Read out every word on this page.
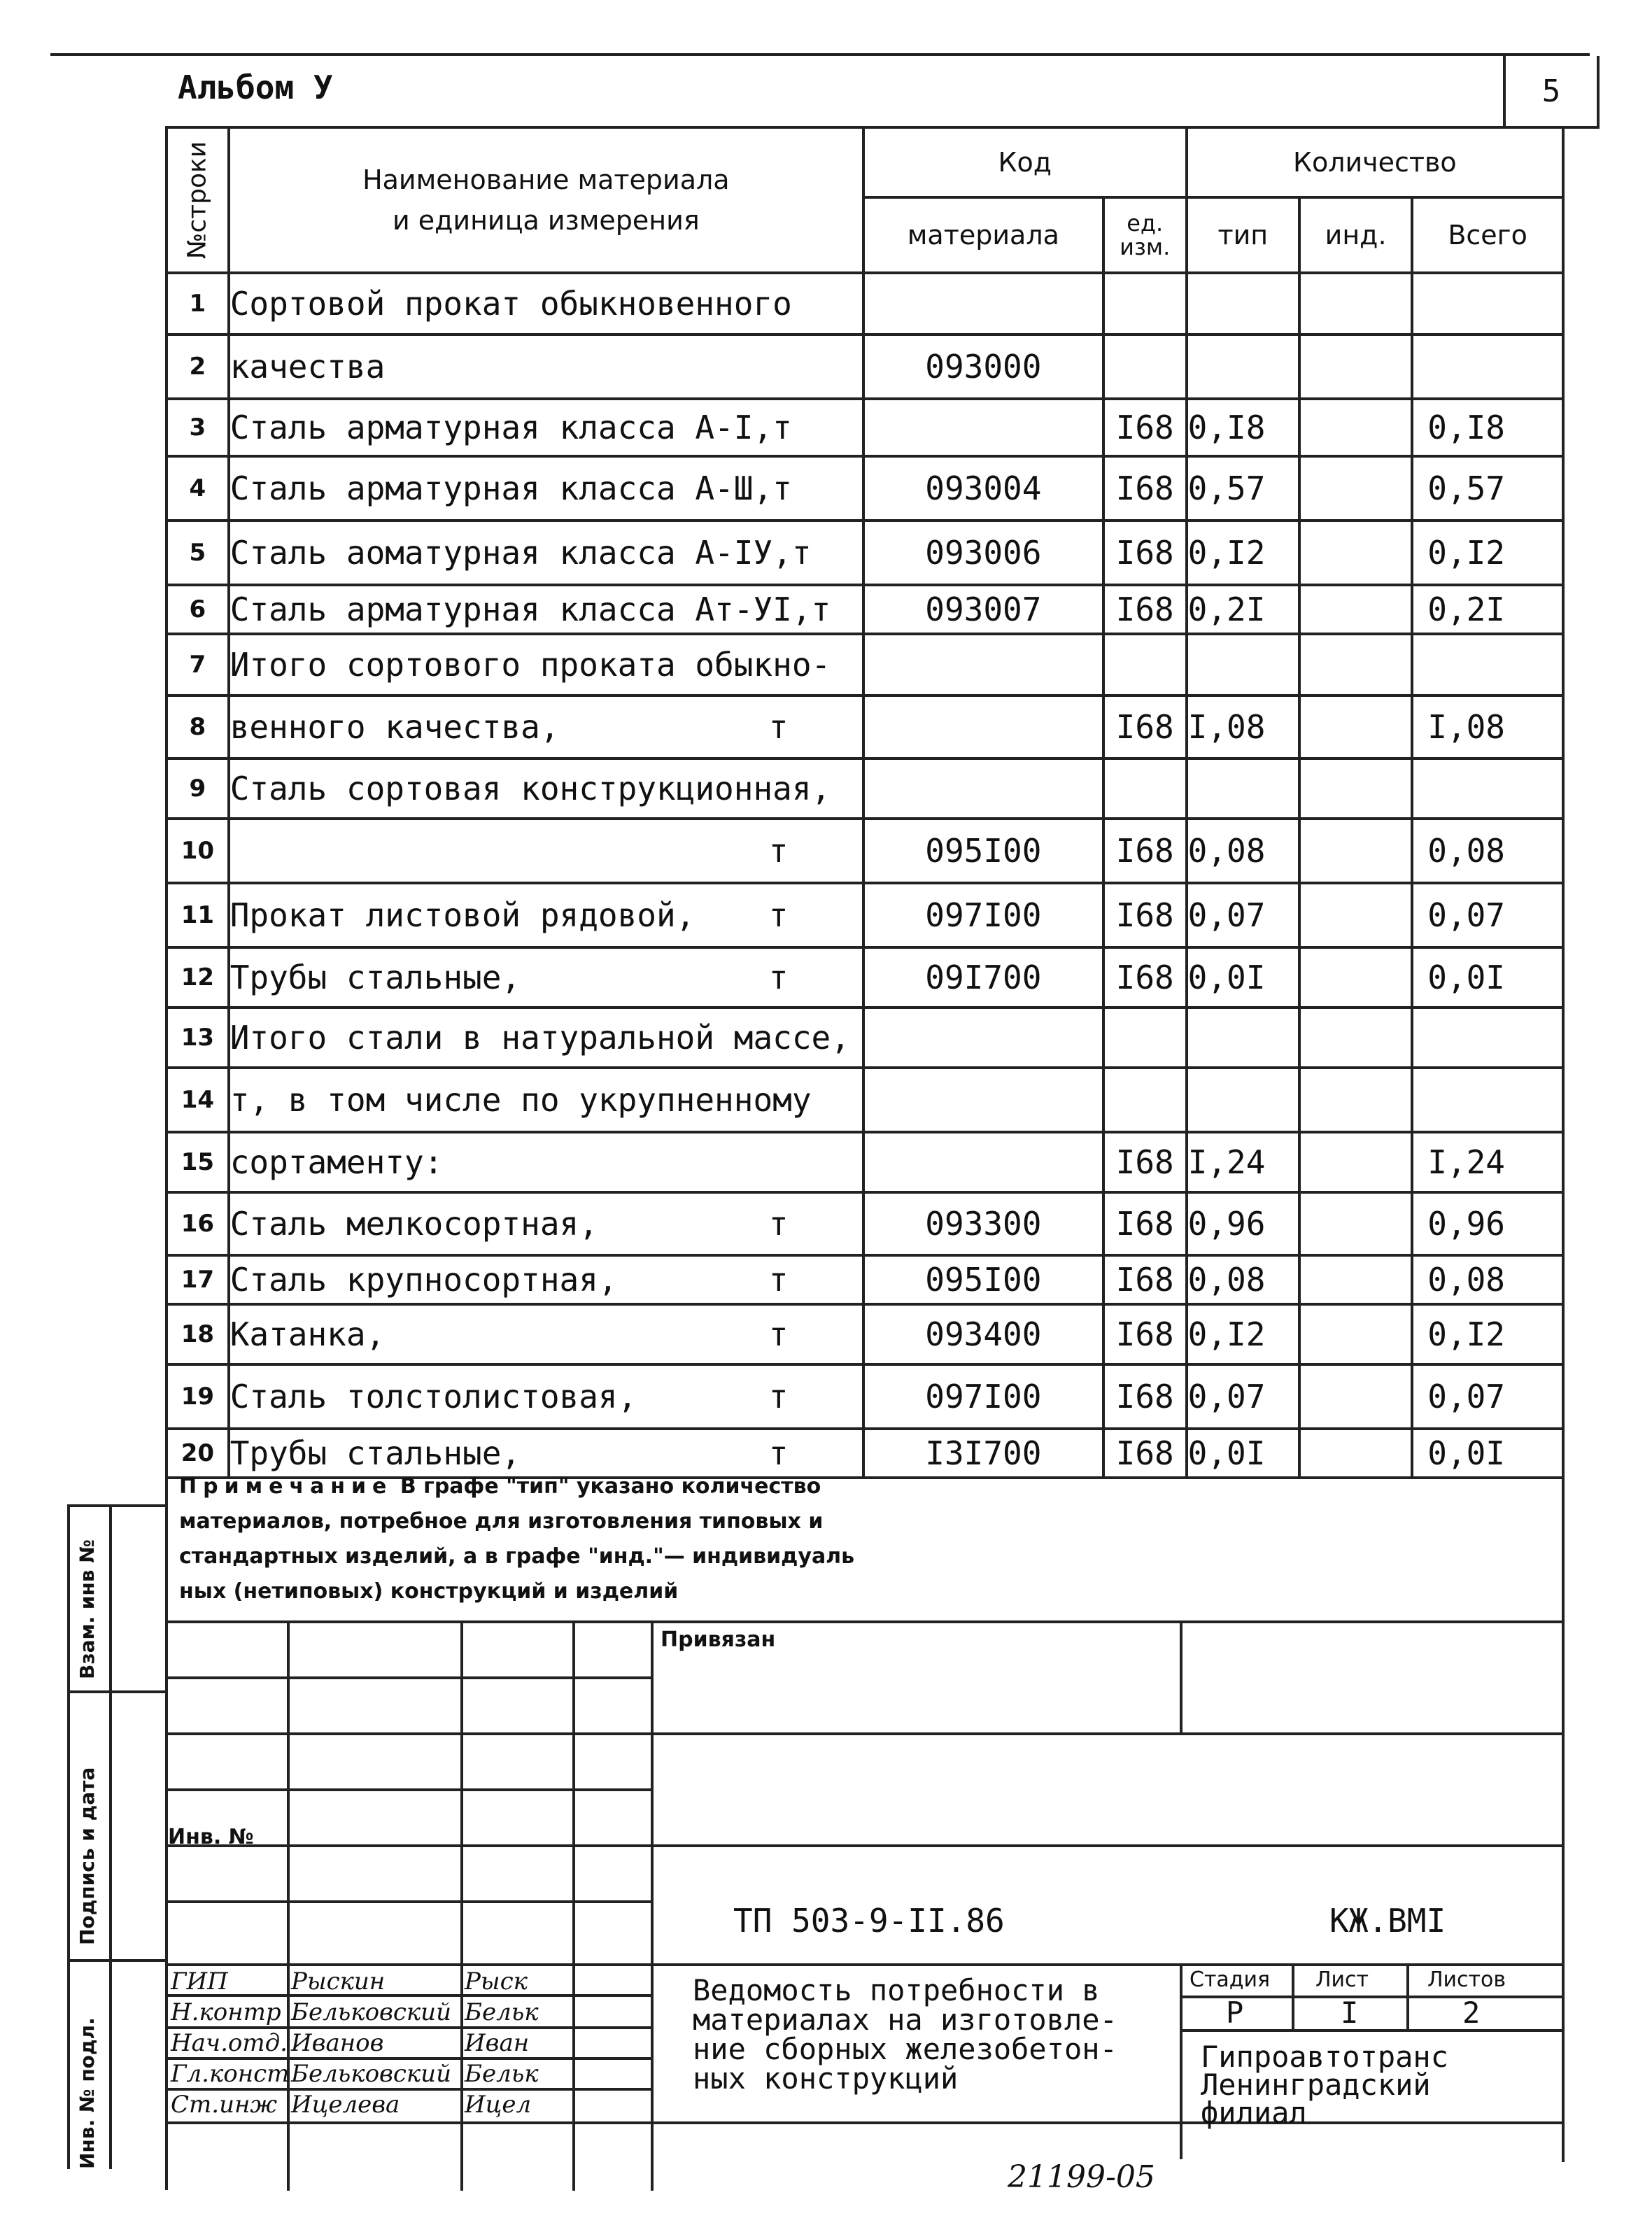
Альбом У	5
№строки	Наименование материала
и единица измерения	Код		Количество		
		материала	ед. изм.	тип	инд.	Всего
1	Сортовой прокат обыкновенного

2	качества	093000				
3	Сталь арматурная класса А-I,т		I68	0,I8		0,I8
4	Сталь арматурная класса А-Ш,т	093004	I68	0,57		0,57
5	Сталь аоматурная класса А-IУ,т	093006	I68	0,I2		0,I2
6	Сталь арматурная класса Ат-УI,т	093007	I68	0,2I		0,2I
7	Итого сортового проката обыкно-

8	венного качества, т		I68	I,08		I,08
9	Сталь сортовая конструкционная,

10	т	095I00	I68	0,08		0,08
11	Прокат листовой рядовой, т	097I00	I68	0,07		0,07
12	Трубы стальные, т	09I700	I68	0,0I		0,0I
13	Итого стали в натуральной массе,

14	т, в том числе по укрупненному

15	сортаменту:		I68	I,24		I,24
16	Сталь мелкосортная, т	093300	I68	0,96		0,96
17	Сталь крупносортная, т	095I00	I68	0,08		0,08
18	Катанка, т	093400	I68	0,I2		0,I2
19	Сталь толстолистовая, т	097I00	I68	0,07		0,07
20	Трубы стальные, т	I3I700	I68	0,0I		0,0I
Примечание В графе "тип" указано количество
материалов, потребное для изготовления типовых и
стандартных изделий, а в графе "инд."— индивидуаль
ных (нетиповых) конструкций и изделий
Привязан
Инв. №
ТП 503-9-II.86	КЖ.ВМI
Стадия Лист	Листов
Р	I	2
Ведомость потребности в
материалах на изготовле-
ние сборных железобетон-
ных конструкций
Гипроавтотранс
Ленинградский
филиал
ГИП	Рыскин	Рыск
Н.контр Бельковский Бельк
Нач.отд. Иванов	Иван
Гл.конст Бельковский Бельк
Ст.инж Ицелева	Ицел
Взам. инв №
Подпись и дата
Инв. № подл.
21199-05
